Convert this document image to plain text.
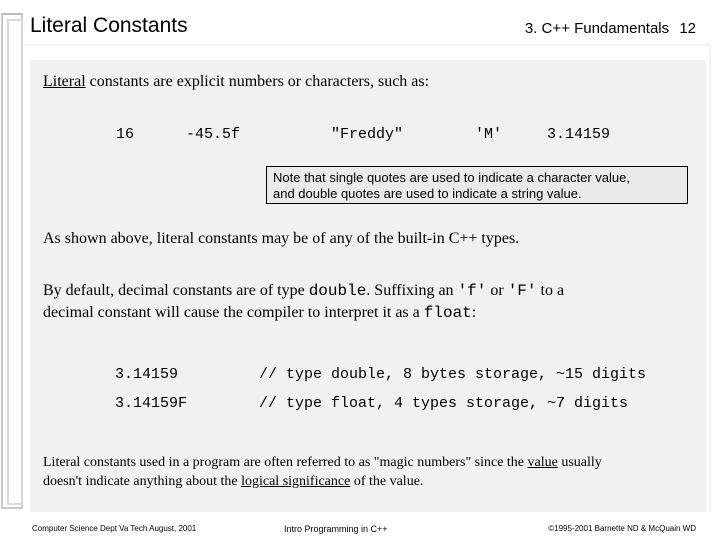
Literal Constants	3. C++ Fundamentals 12

Literal constants are explicit numbers or characters, such as:

16	-45.5f	"Freddy"	'M'	3.14159
Note that single quotes are used to indicate a character value,
and double quotes are used to indicate a string value.

As shown above, literal constants may be of any of the built-in C++ types.

By default, decimal constants are of type double. Suffixing an 'f' or 'F' to a
decimal constant will cause the compiler to interpret it as a float:
3.14159	// type double, 8 bytes storage, ~15 digits
3.14159F	// type float, 4 types storage, ~7 digits
Literal constants used in a program are often referred to as "magic numbers" since the value usually
doesn't indicate anything about the logical significance of the value.
Computer Science Dept Va Tech August, 2001	Intro Programming in C++	©1995-2001 Barnette ND & McQuain WD
